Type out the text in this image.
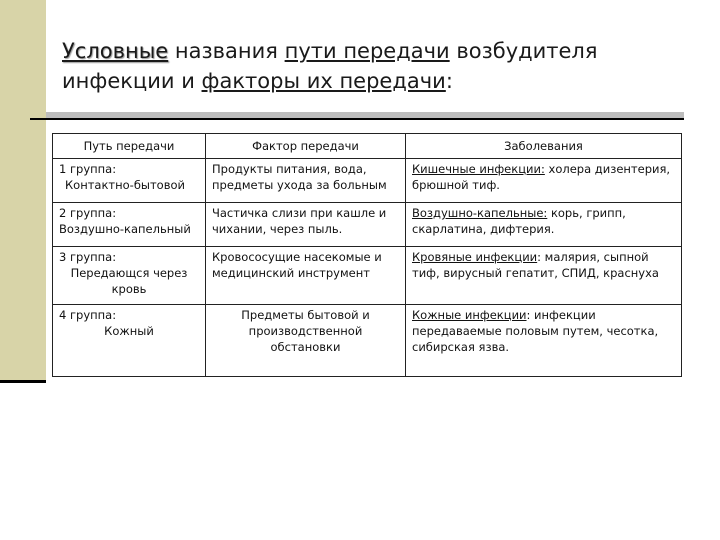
Условные названия пути передачи возбудителя
инфекции и факторы их передачи:
Путь передачи	Фактор передачи	Заболевания

1 группа:
Контактно-бытовой	Продукты питания, вода, предметы ухода за больным	Кишечные инфекции: холера дизентерия, брюшной тиф.

2 группа:
Воздушно-капельный	Частичка слизи при кашле и чихании, через пыль.	Воздушно-капельные: корь, грипп, скарлатина, дифтерия.

3 группа:
Передающся через кровь	Кровососущие насекомые и медицинский инструмент	Кровяные инфекции: малярия, сыпной тиф, вирусный гепатит, СПИД, краснуха

4 группа:
Кожный	Предметы бытовой и производственной обстановки	Кожные инфекции: инфекции передаваемые половым путем, чесотка, сибирская язва.
